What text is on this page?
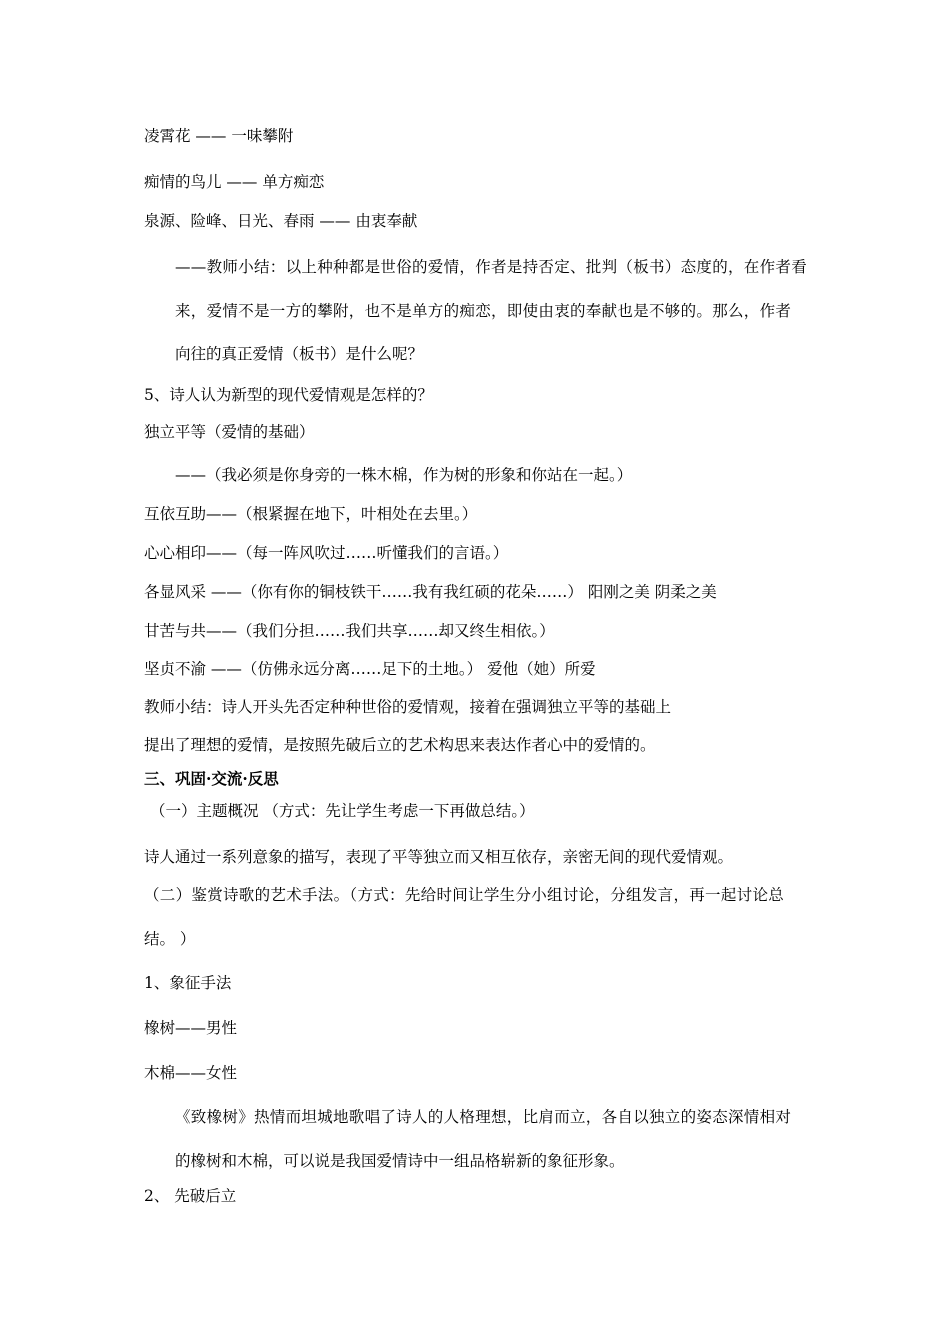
凌霄花 —— 一味攀附
痴情的鸟儿 —— 单方痴恋
泉源、险峰、日光、春雨 —— 由衷奉献
——教师小结：以上种种都是世俗的爱情，作者是持否定、批判（板书）态度的，在作者看
来，爱情不是一方的攀附，也不是单方的痴恋，即使由衷的奉献也是不够的。那么，作者
向往的真正爱情（板书）是什么呢？
5、诗人认为新型的现代爱情观是怎样的？
独立平等（爱情的基础）
——（我必须是你身旁的一株木棉，作为树的形象和你站在一起。）
互依互助——（根紧握在地下，叶相处在去里。）
心心相印——（每一阵风吹过……听懂我们的言语。）
各显风采 ——（你有你的铜枝铁干……我有我红硕的花朵……） 阳刚之美 阴柔之美
甘苦与共——（我们分担……我们共享……却又终生相依。）
坚贞不渝 ——（仿佛永远分离……足下的土地。） 爱他（她）所爱
教师小结：诗人开头先否定种种世俗的爱情观，接着在强调独立平等的基础上
提出了理想的爱情，是按照先破后立的艺术构思来表达作者心中的爱情的。
三、巩固·交流·反思
（一）主题概况 （方式：先让学生考虑一下再做总结。）
诗人通过一系列意象的描写，表现了平等独立而又相互依存，亲密无间的现代爱情观。
（二）鉴赏诗歌的艺术手法。（方式：先给时间让学生分小组讨论，分组发言，再一起讨论总
结。 ）
1、象征手法
橡树——男性
木棉——女性
《致橡树》热情而坦城地歌唱了诗人的人格理想，比肩而立，各自以独立的姿态深情相对
的橡树和木棉，可以说是我国爱情诗中一组品格崭新的象征形象。
2、 先破后立
